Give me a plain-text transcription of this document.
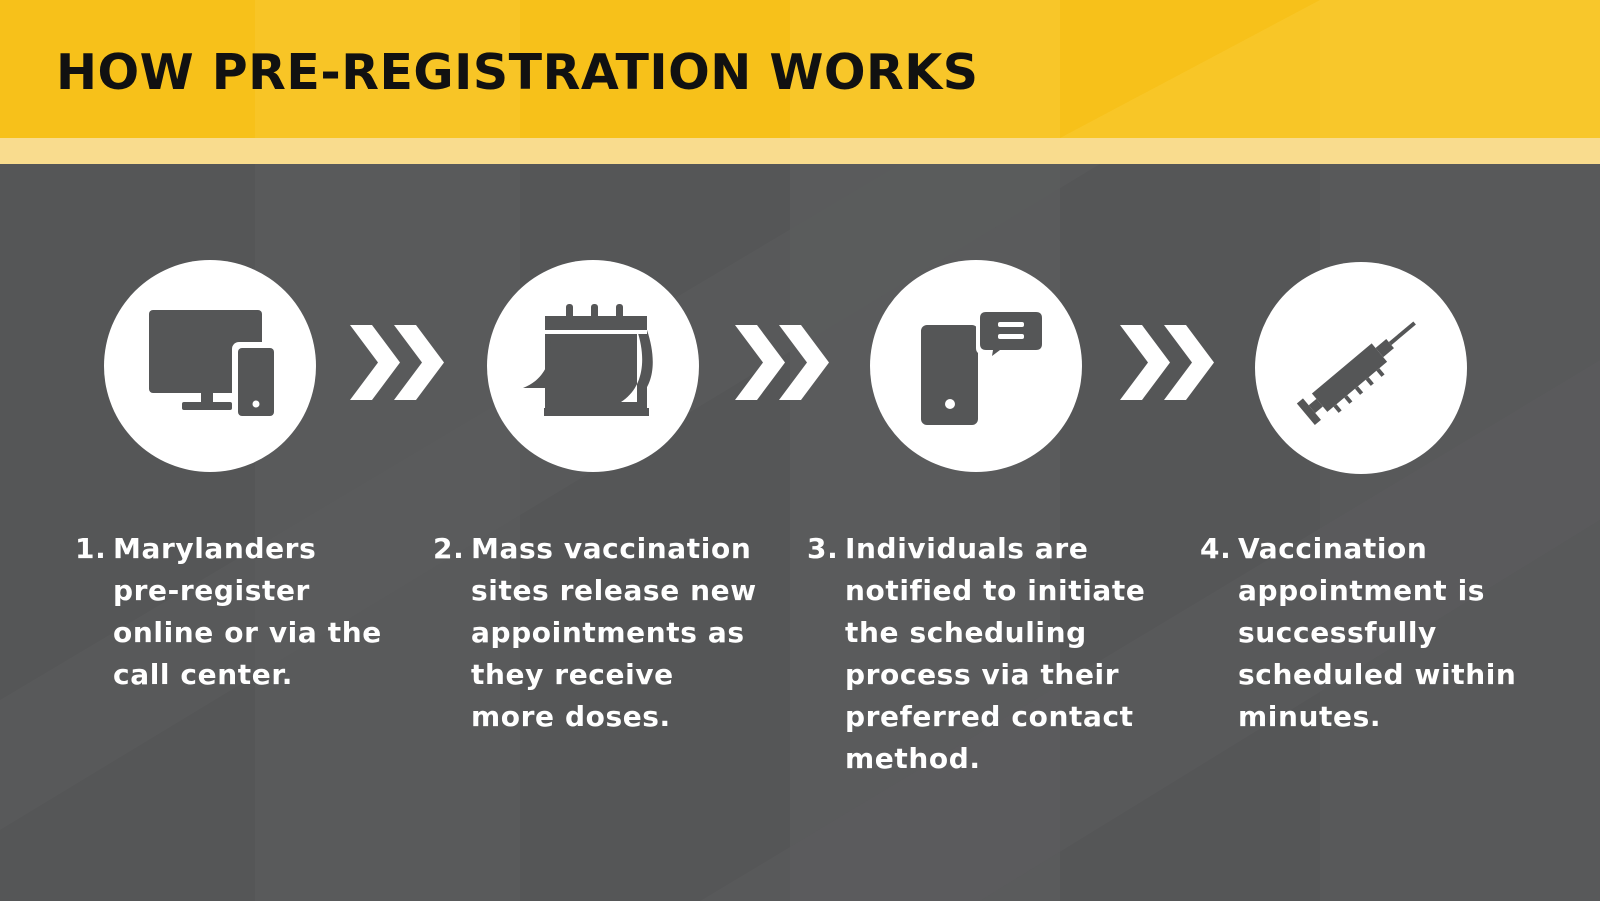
HOW PRE-REGISTRATION WORKS
1. Marylanders
pre-register
online or via the
call center.
2. Mass vaccination
sites release new
appointments as
they receive
more doses.
3. Individuals are
notified to initiate
the scheduling
process via their
preferred contact
method.
4. Vaccination
appointment is
successfully
scheduled within
minutes.
